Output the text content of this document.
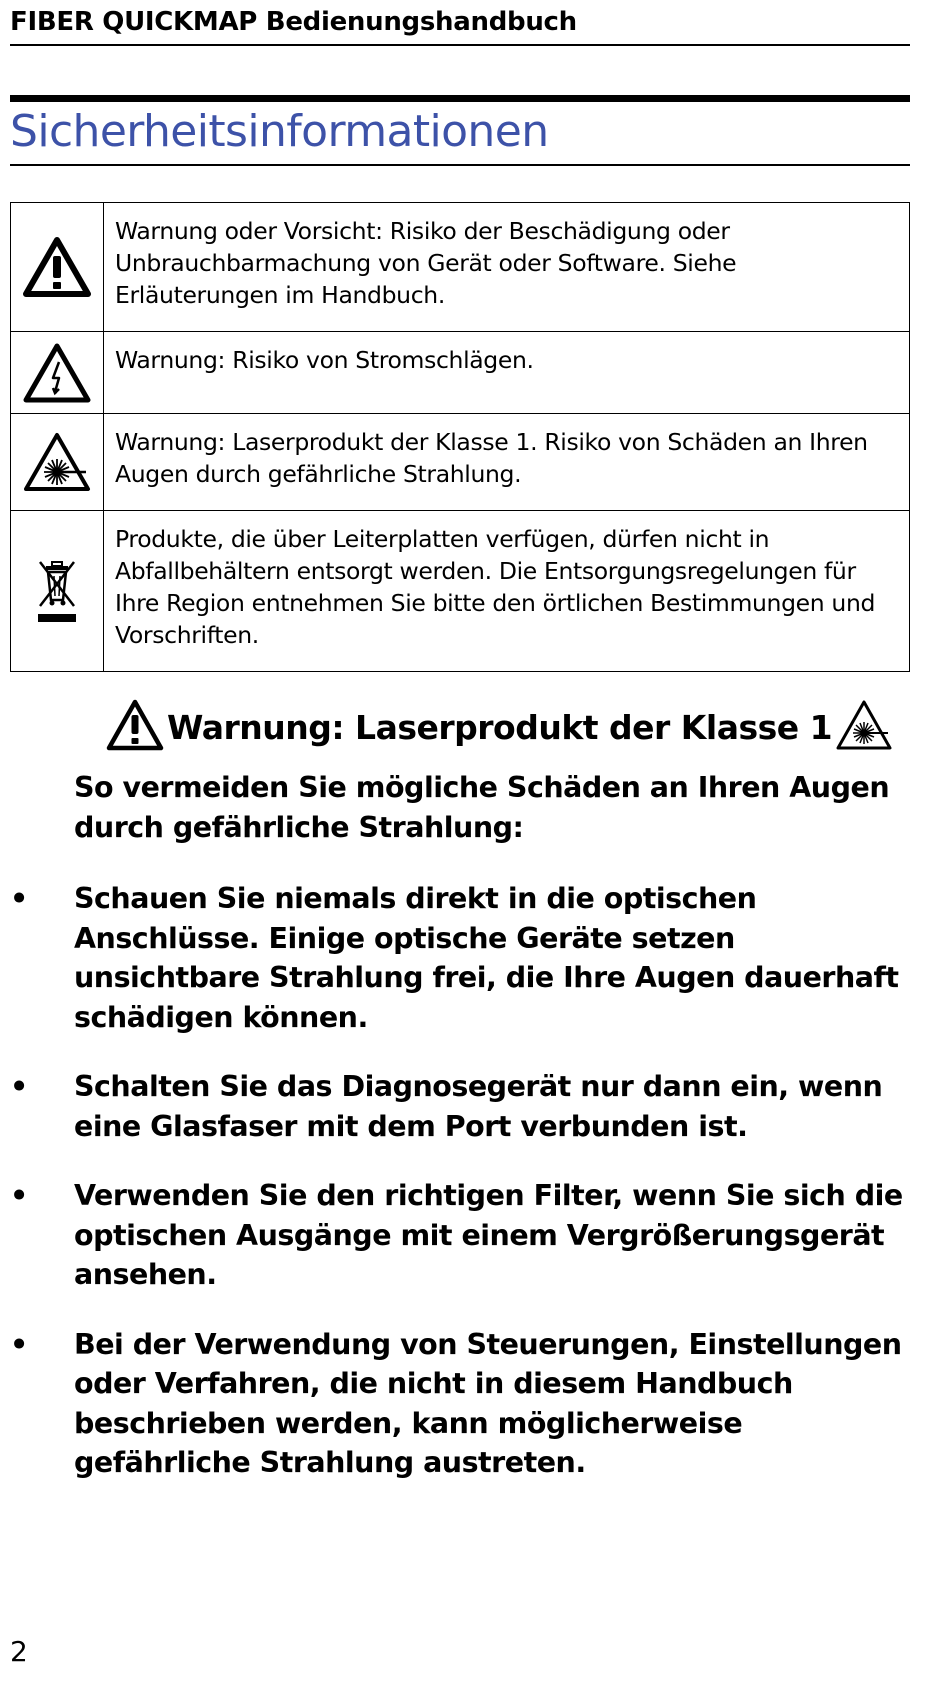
FIBER QUICKMAP Bedienungshandbuch
Sicherheitsinformationen
	Warnung oder Vorsicht: Risiko der Beschädigung oder Unbrauchbarmachung von Gerät oder Software. Siehe Erläuterungen im Handbuch.

	Warnung: Risiko von Stromschlägen.

	Warnung: Laserprodukt der Klasse 1. Risiko von Schäden an Ihren Augen durch gefährliche Strahlung.

	Produkte, die über Leiterplatten verfügen, dürfen nicht in Abfallbehältern entsorgt werden. Die Entsorgungsregelungen für Ihre Region entnehmen Sie bitte den örtlichen Bestimmungen und Vorschriften.
Warnung: Laserprodukt der Klasse 1
So vermeiden Sie mögliche Schäden an Ihren Augen durch gefährliche Strahlung:
• Schauen Sie niemals direkt in die optischen Anschlüsse. Einige optische Geräte setzen unsichtbare Strahlung frei, die Ihre Augen dauerhaft schädigen können.
• Schalten Sie das Diagnosegerät nur dann ein, wenn eine Glasfaser mit dem Port verbunden ist.
• Verwenden Sie den richtigen Filter, wenn Sie sich die optischen Ausgänge mit einem Vergrößerungsgerät ansehen.
• Bei der Verwendung von Steuerungen, Einstellungen oder Verfahren, die nicht in diesem Handbuch beschrieben werden, kann möglicherweise gefährliche Strahlung austreten.
2
